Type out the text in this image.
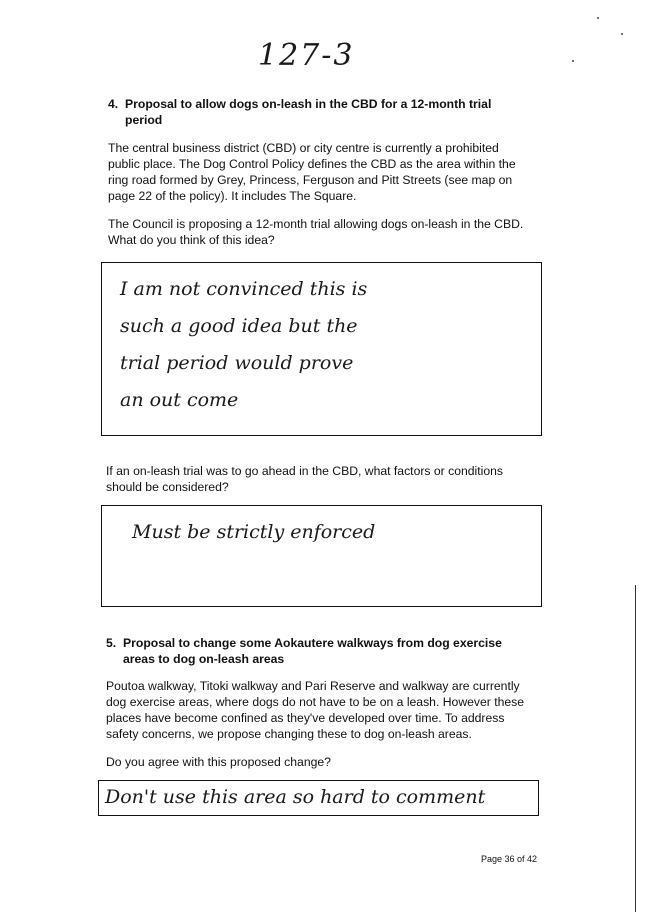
127-3
4. Proposal to allow dogs on-leash in the CBD for a 12-month trial
period
The central business district (CBD) or city centre is currently a prohibited
public place. The Dog Control Policy defines the CBD as the area within the
ring road formed by Grey, Princess, Ferguson and Pitt Streets (see map on
page 22 of the policy). It includes The Square.
The Council is proposing a 12-month trial allowing dogs on-leash in the CBD.
What do you think of this idea?
I am not convinced this is
such a good idea but the
trial period would prove
an out come
If an on-leash trial was to go ahead in the CBD, what factors or conditions
should be considered?
Must be strictly enforced
5. Proposal to change some Aokautere walkways from dog exercise
areas to dog on-leash areas
Poutoa walkway, Titoki walkway and Pari Reserve and walkway are currently
dog exercise areas, where dogs do not have to be on a leash. However these
places have become confined as they've developed over time. To address
safety concerns, we propose changing these to dog on-leash areas.
Do you agree with this proposed change?
Don't use this area so hard to comment
Page 36 of 42
